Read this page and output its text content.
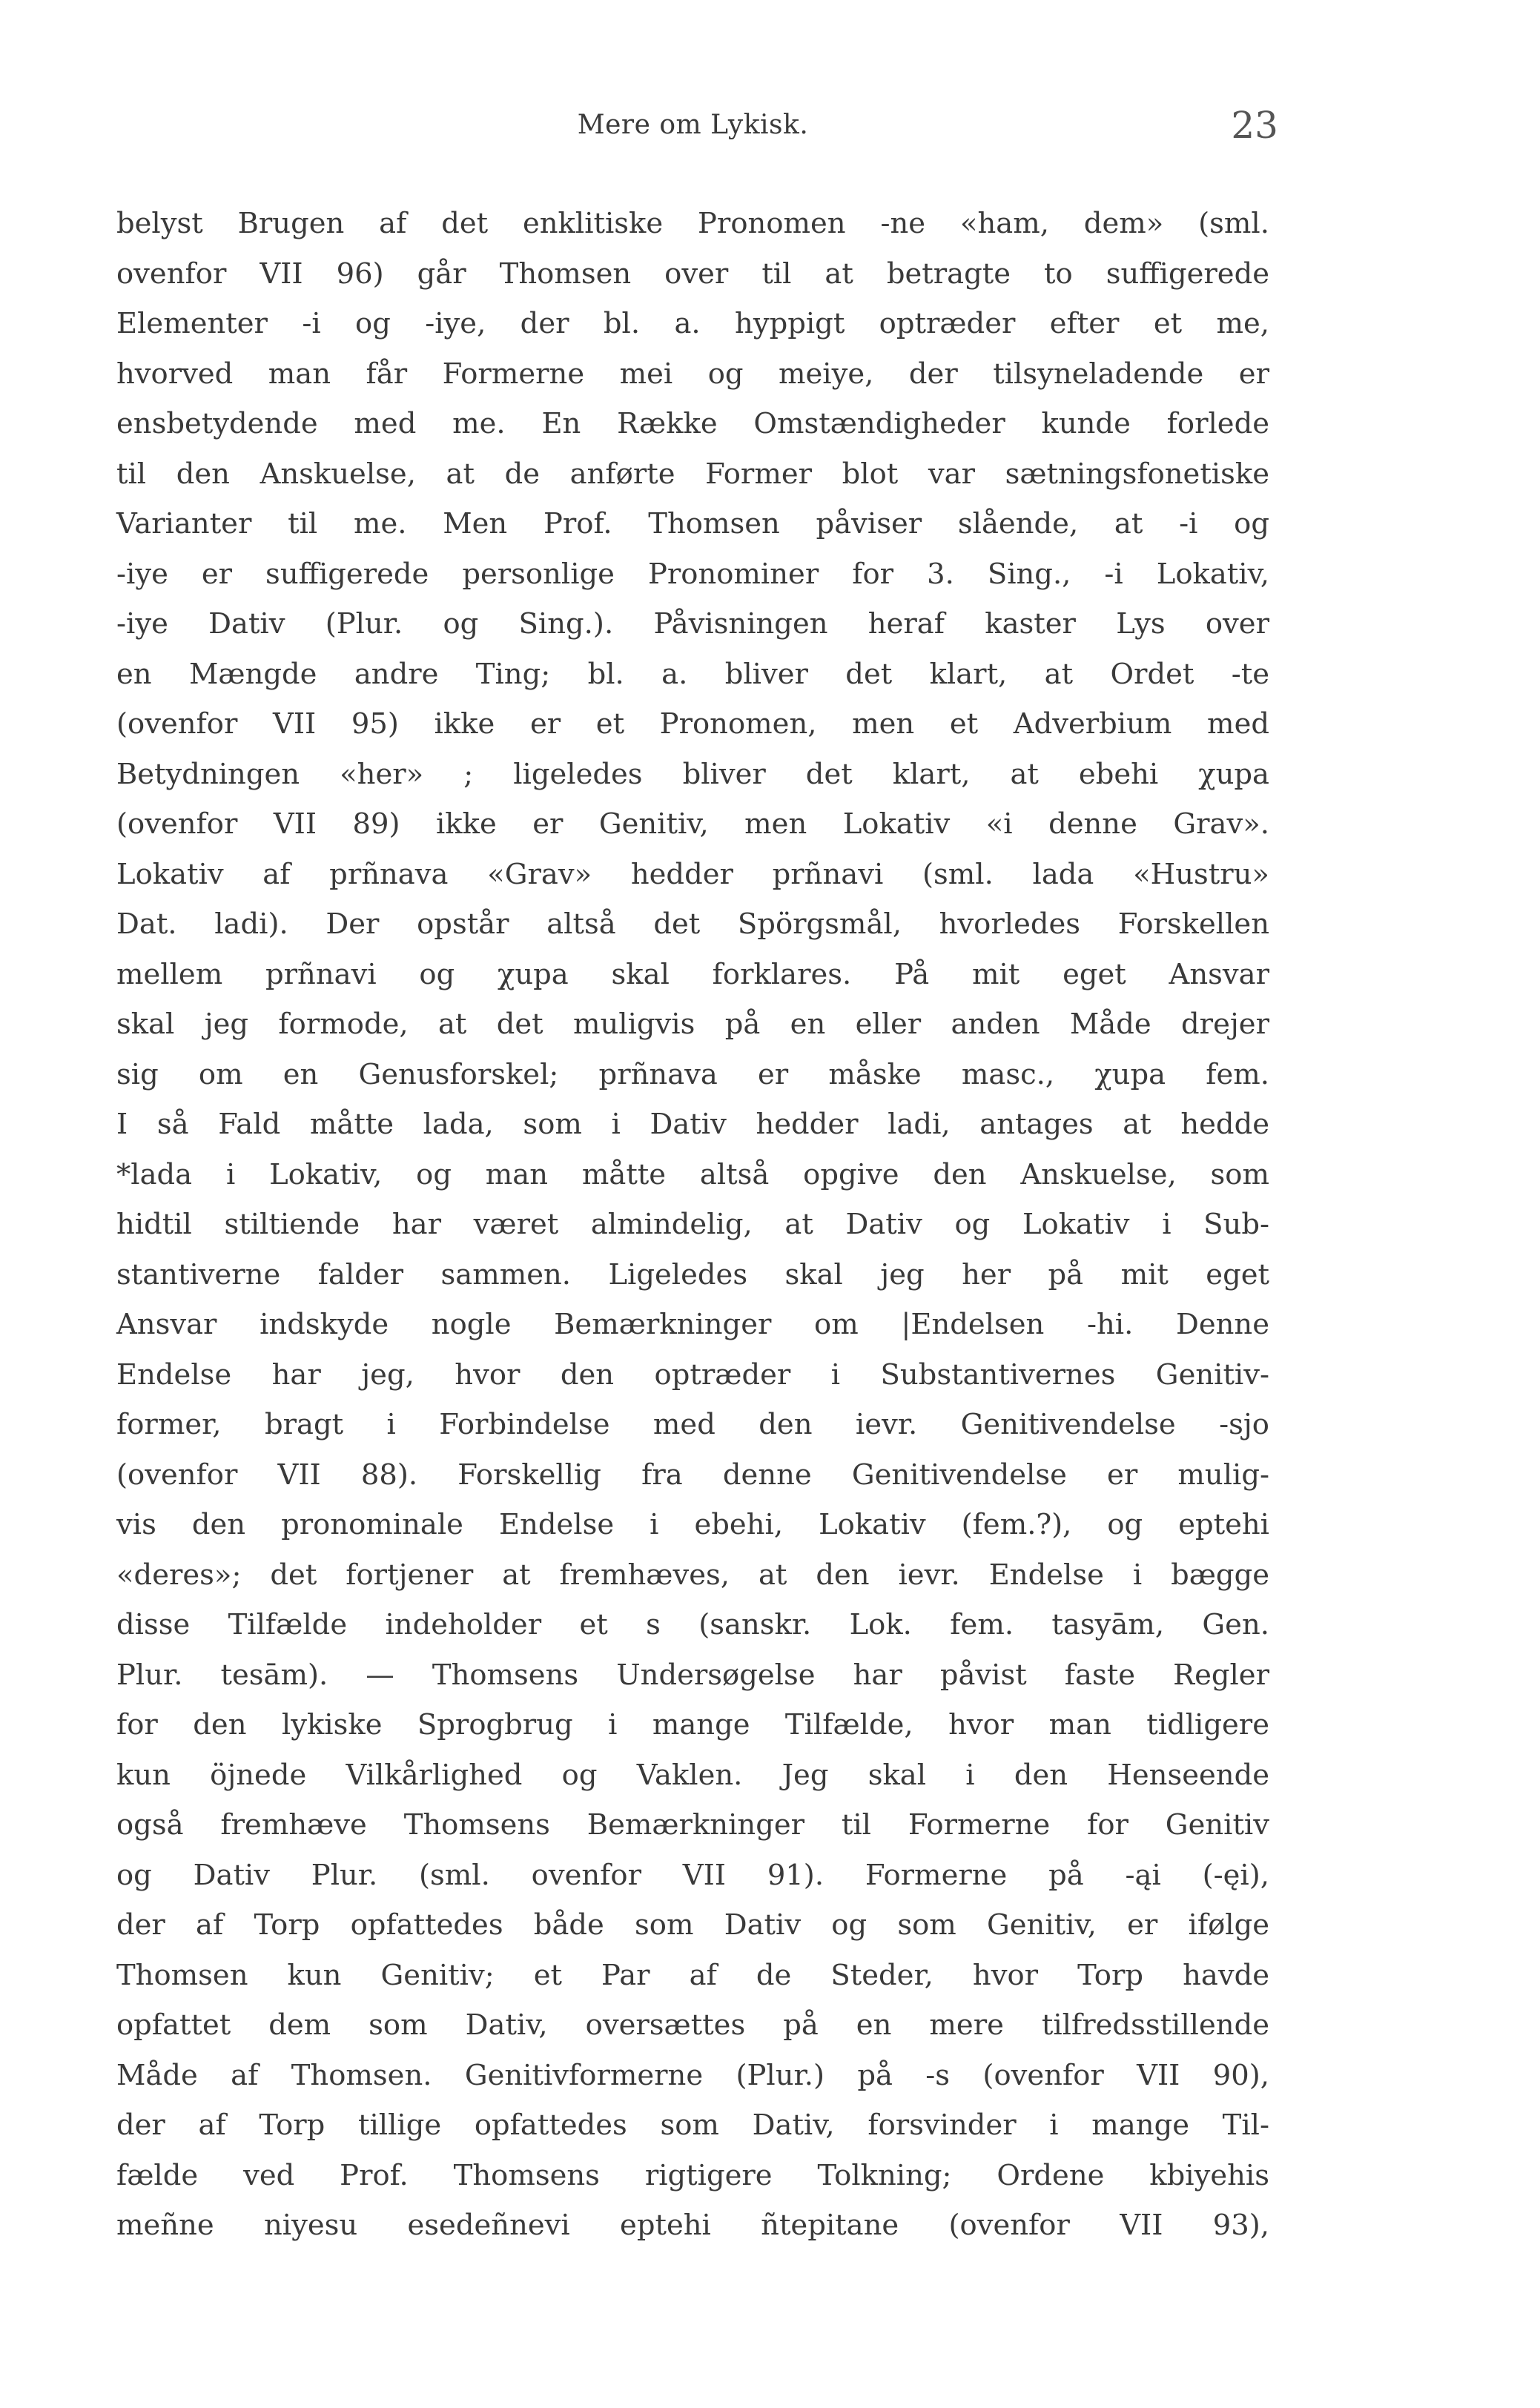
Mere om Lykisk.	23
belyst Brugen af det enklitiske Pronomen -ne «ham, dem» (sml.
ovenfor VII 96) går Thomsen over til at betragte to suffigerede
Elementer -i og -iye, der bl. a. hyppigt optræder efter et me,
hvorved man får Formerne mei og meiye, der tilsyneladende er
ensbetydende med me. En Række Omstændigheder kunde forlede
til den Anskuelse, at de anførte Former blot var sætningsfonetiske
Varianter til me. Men Prof. Thomsen påviser slående, at -i og
-iye er suffigerede personlige Pronominer for 3. Sing., -i Lokativ,
-iye Dativ (Plur. og Sing.). Påvisningen heraf kaster Lys over
en Mængde andre Ting; bl. a. bliver det klart, at Ordet -te
(ovenfor VII 95) ikke er et Pronomen, men et Adverbium med
Betydningen «her» ; ligeledes bliver det klart, at ebehi χupa
(ovenfor VII 89) ikke er Genitiv, men Lokativ «i denne Grav».
Lokativ af prñnava «Grav» hedder prñnavi (sml. lada «Hustru»
Dat. ladi). Der opstår altså det Spörgsmål, hvorledes Forskellen
mellem prñnavi og χupa skal forklares. På mit eget Ansvar
skal jeg formode, at det muligvis på en eller anden Måde drejer
sig om en Genusforskel; prñnava er måske masc., χupa fem.
I så Fald måtte lada, som i Dativ hedder ladi, antages at hedde
*lada i Lokativ, og man måtte altså opgive den Anskuelse, som
hidtil stiltiende har været almindelig, at Dativ og Lokativ i Sub-
stantiverne falder sammen. Ligeledes skal jeg her på mit eget
Ansvar indskyde nogle Bemærkninger om |Endelsen -hi. Denne
Endelse har jeg, hvor den optræder i Substantivernes Genitiv-
former, bragt i Forbindelse med den ievr. Genitivendelse -sjo
(ovenfor VII 88). Forskellig fra denne Genitivendelse er mulig-
vis den pronominale Endelse i ebehi, Lokativ (fem.?), og eptehi
«deres»; det fortjener at fremhæves, at den ievr. Endelse i bægge
disse Tilfælde indeholder et s (sanskr. Lok. fem. tasyām, Gen.
Plur. tesām). — Thomsens Undersøgelse har påvist faste Regler
for den lykiske Sprogbrug i mange Tilfælde, hvor man tidligere
kun öjnede Vilkårlighed og Vaklen. Jeg skal i den Henseende
også fremhæve Thomsens Bemærkninger til Formerne for Genitiv
og Dativ Plur. (sml. ovenfor VII 91). Formerne på -ąi (-ęi),
der af Torp opfattedes både som Dativ og som Genitiv, er ifølge
Thomsen kun Genitiv; et Par af de Steder, hvor Torp havde
opfattet dem som Dativ, oversættes på en mere tilfredsstillende
Måde af Thomsen. Genitivformerne (Plur.) på -s (ovenfor VII 90),
der af Torp tillige opfattedes som Dativ, forsvinder i mange Til-
fælde ved Prof. Thomsens rigtigere Tolkning; Ordene kbiyehis
meñne niyesu esedeñnevi eptehi ñtepitane (ovenfor VII 93),
